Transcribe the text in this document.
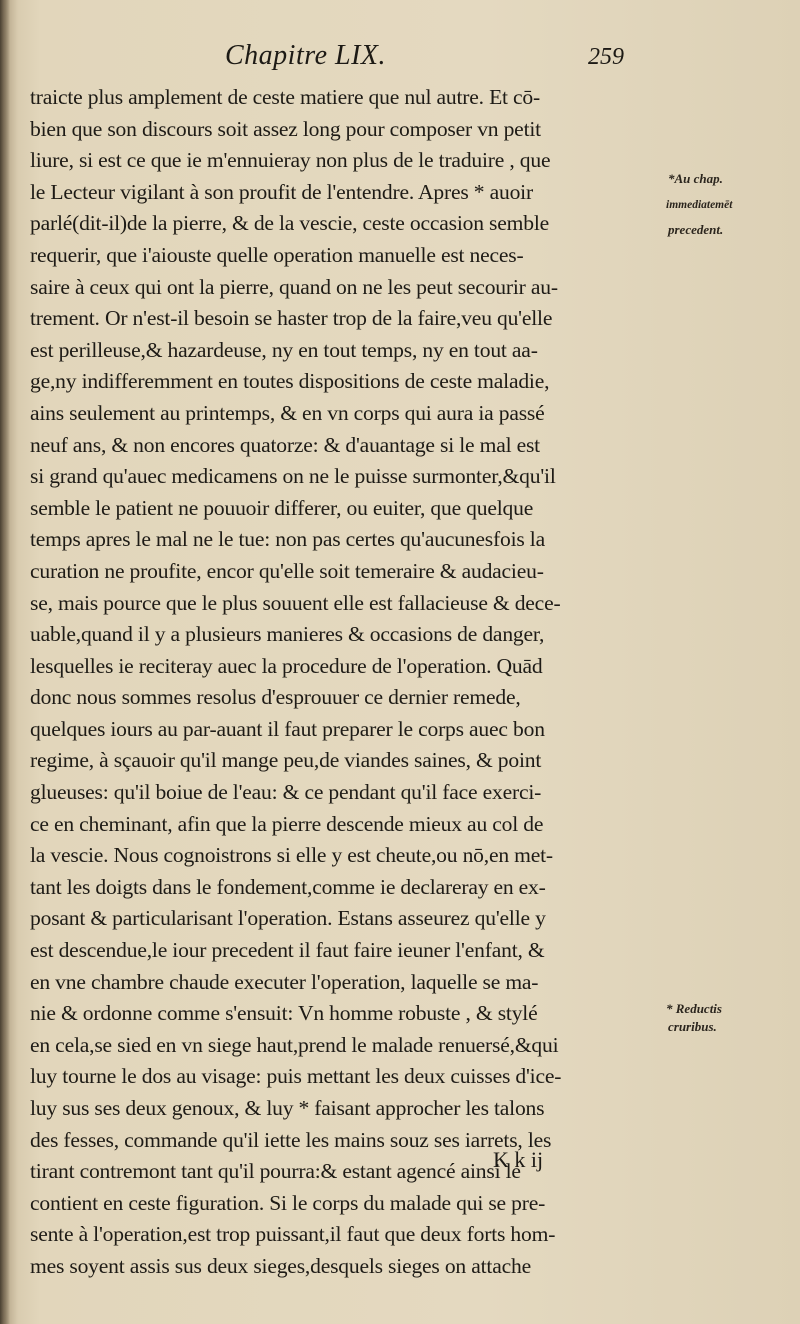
Chapitre LIX.	259
traicte plus amplement de ceste matiere que nul autre. Et cō-
bien que son discours soit assez long pour composer vn petit
liure, si est ce que ie m'ennuieray non plus de le traduire , que
le Lecteur vigilant à son proufit de l'entendre. Apres * auoir
parlé(dit-il)de la pierre, & de la vescie, ceste occasion semble
requerir, que i'aiouste quelle operation manuelle est neces-
saire à ceux qui ont la pierre, quand on ne les peut secourir au-
trement. Or n'est-il besoin se haster trop de la faire,veu qu'elle
est perilleuse,& hazardeuse, ny en tout temps, ny en tout aa-
ge,ny indifferemment en toutes dispositions de ceste maladie,
ains seulement au printemps, & en vn corps qui aura ia passé
neuf ans, & non encores quatorze: & d'auantage si le mal est
si grand qu'auec medicamens on ne le puisse surmonter,&qu'il
semble le patient ne pouuoir differer, ou euiter, que quelque
temps apres le mal ne le tue: non pas certes qu'aucunesfois la
curation ne proufite, encor qu'elle soit temeraire & audacieu-
se, mais pource que le plus souuent elle est fallacieuse & dece-
uable,quand il y a plusieurs manieres & occasions de danger,
lesquelles ie reciteray auec la procedure de l'operation. Quād
donc nous sommes resolus d'esprouuer ce dernier remede,
quelques iours au par-auant il faut preparer le corps auec bon
regime, à sçauoir qu'il mange peu,de viandes saines, & point
glueuses: qu'il boiue de l'eau: & ce pendant qu'il face exerci-
ce en cheminant, afin que la pierre descende mieux au col de
la vescie. Nous cognoistrons si elle y est cheute,ou nō,en met-
tant les doigts dans le fondement,comme ie declareray en ex-
posant & particularisant l'operation. Estans asseurez qu'elle y
est descendue,le iour precedent il faut faire ieuner l'enfant, &
en vne chambre chaude executer l'operation, laquelle se ma-
nie & ordonne comme s'ensuit: Vn homme robuste , & stylé
en cela,se sied en vn siege haut,prend le malade renuersé,&qui
luy tourne le dos au visage: puis mettant les deux cuisses d'ice-
luy sus ses deux genoux, & luy * faisant approcher les talons
des fesses, commande qu'il iette les mains souz ses iarrets, les
tirant contremont tant qu'il pourra:& estant agencé ainsi le
contient en ceste figuration. Si le corps du malade qui se pre-
sente à l'operation,est trop puissant,il faut que deux forts hom-
mes soyent assis sus deux sieges,desquels sieges on attache
*Au chap.
immediatemēt
precedent.
* Reductis
cruribus.
K k ij
